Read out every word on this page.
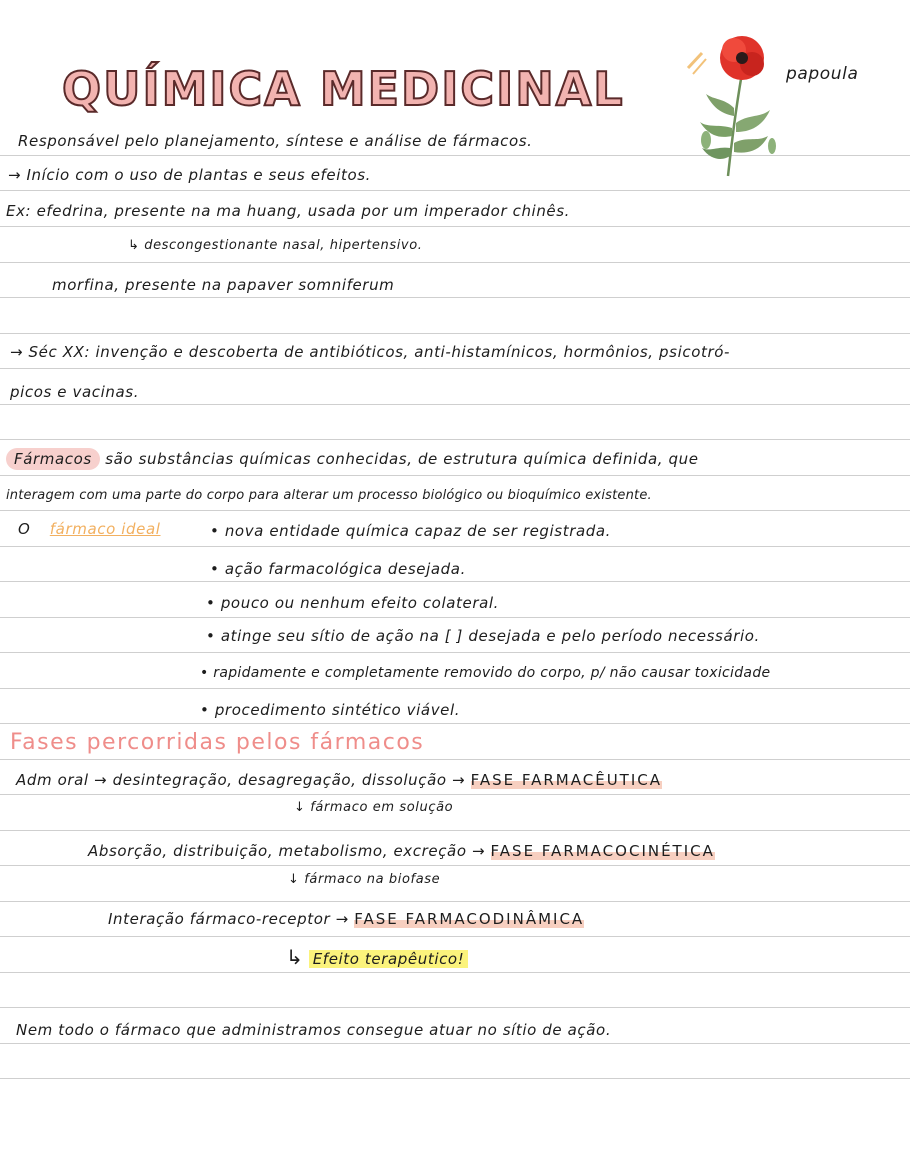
QUÍMICA MEDICINAL	papoula
Responsável pelo planejamento, síntese e análise de fármacos.
→ Início com o uso de plantas e seus efeitos.
Ex: efedrina, presente na ma huang, usada por um imperador chinês.
↳ descongestionante nasal, hipertensivo.
morfina, presente na papaver somniferum
→ Séc XX: invenção e descoberta de antibióticos, anti-histamínicos, hormônios, psicotró-
picos e vacinas.
Fármacos são substâncias químicas conhecidas, de estrutura química definida, que
interagem com uma parte do corpo para alterar um processo biológico ou bioquímico existente.
O fármaco ideal	• nova entidade química capaz de ser registrada.
• ação farmacológica desejada.
• pouco ou nenhum efeito colateral.
• atinge seu sítio de ação na [ ] desejada e pelo período necessário.
• rapidamente e completamente removido do corpo, p/ não causar toxicidade
• procedimento sintético viável.
Fases percorridas pelos fármacos
Adm oral → desintegração, desagregação, dissolução → FASE FARMACÊUTICA
↓ fármaco em solução
Absorção, distribuição, metabolismo, excreção → FASE FARMACOCINÉTICA
↓ fármaco na biofase
Interação fármaco-receptor → FASE FARMACODINÂMICA
↳ Efeito terapêutico!
Nem todo o fármaco que administramos consegue atuar no sítio de ação.
